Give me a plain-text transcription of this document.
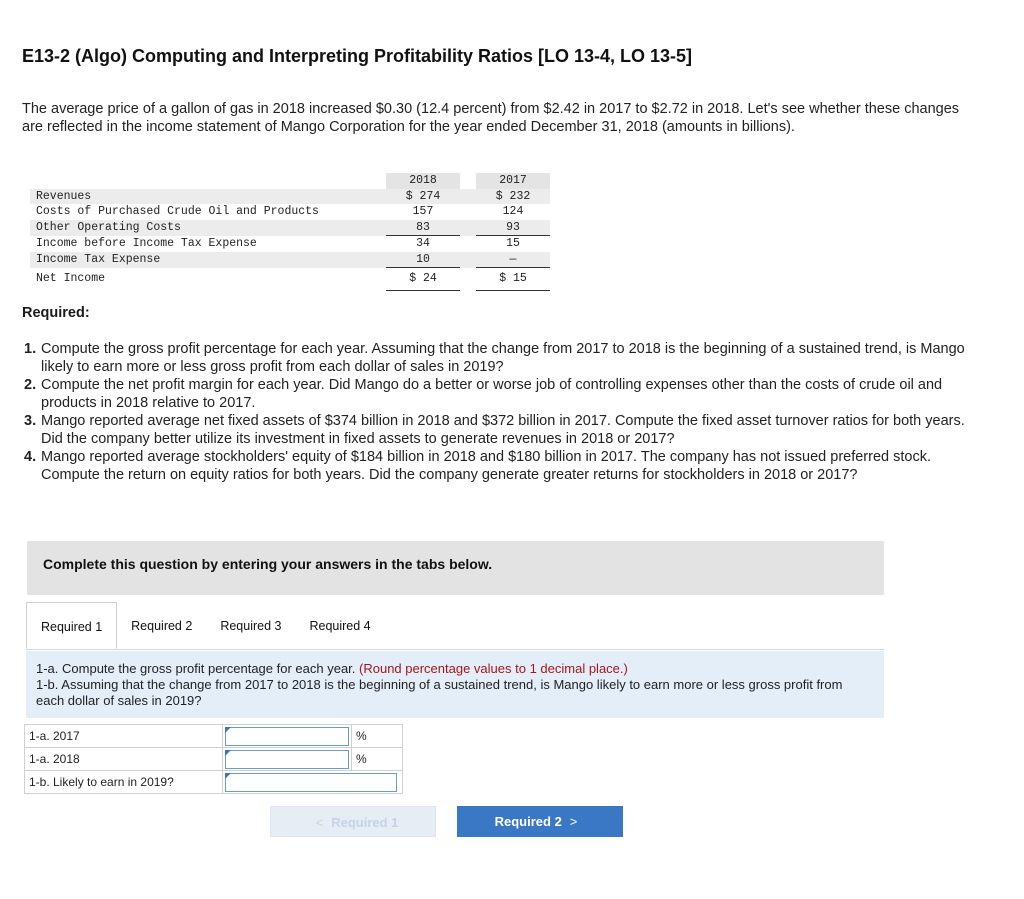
E13-2 (Algo) Computing and Interpreting Profitability Ratios [LO 13-4, LO 13-5]
The average price of a gallon of gas in 2018 increased $0.30 (12.4 percent) from $2.42 in 2017 to $2.72 in 2018. Let's see whether these changes are reflected in the income statement of Mango Corporation for the year ended December 31, 2018 (amounts in billions).
		2018		2017
Revenues		$ 274		$ 232
Costs of Purchased Crude Oil and Products		157		124
Other Operating Costs		83		93
Income before Income Tax Expense		34		15
Income Tax Expense		10		—
Net Income		$ 24		$ 15
Required:
1. Compute the gross profit percentage for each year. Assuming that the change from 2017 to 2018 is the beginning of a sustained trend, is Mango likely to earn more or less gross profit from each dollar of sales in 2019?
2. Compute the net profit margin for each year. Did Mango do a better or worse job of controlling expenses other than the costs of crude oil and products in 2018 relative to 2017.
3. Mango reported average net fixed assets of $374 billion in 2018 and $372 billion in 2017. Compute the fixed asset turnover ratios for both years. Did the company better utilize its investment in fixed assets to generate revenues in 2018 or 2017?
4. Mango reported average stockholders' equity of $184 billion in 2018 and $180 billion in 2017. The company has not issued preferred stock. Compute the return on equity ratios for both years. Did the company generate greater returns for stockholders in 2018 or 2017?
Complete this question by entering your answers in the tabs below.
Required 1	Required 2	Required 3	Required 4
1-a. Compute the gross profit percentage for each year. (Round percentage values to 1 decimal place.)
1-b. Assuming that the change from 2017 to 2018 is the beginning of a sustained trend, is Mango likely to earn more or less gross profit from each dollar of sales in 2019?
1-a. 2017		%
1-a. 2018		%
1-b. Likely to earn in 2019?		
< Required 1	Required 2 >
